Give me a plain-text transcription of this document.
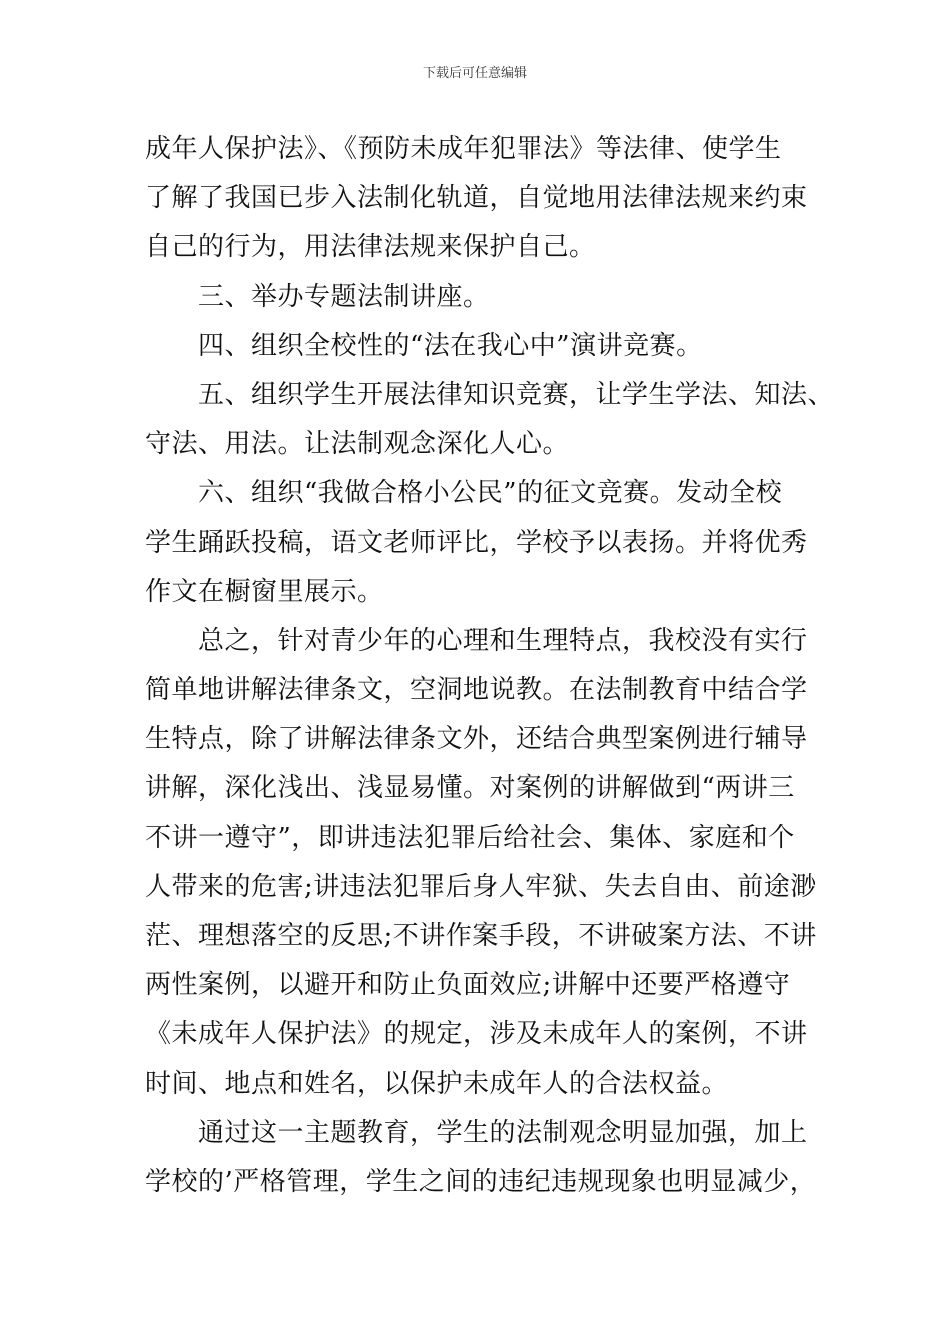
下载后可任意编辑
成年人保护法》、《预防未成年犯罪法》等法律、使学生
了解了我国已步入法制化轨道，自觉地用法律法规来约束
自己的行为，用法律法规来保护自己。
　　三、举办专题法制讲座。
　　四、组织全校性的“法在我心中”演讲竞赛。
　　五、组织学生开展法律知识竞赛，让学生学法、知法、
守法、用法。让法制观念深化人心。
　　六、组织“我做合格小公民”的征文竞赛。发动全校
学生踊跃投稿，语文老师评比，学校予以表扬。并将优秀
作文在橱窗里展示。
　　总之，针对青少年的心理和生理特点，我校没有实行
简单地讲解法律条文，空洞地说教。在法制教育中结合学
生特点，除了讲解法律条文外，还结合典型案例进行辅导
讲解，深化浅出、浅显易懂。对案例的讲解做到“两讲三
不讲一遵守”，即讲违法犯罪后给社会、集体、家庭和个
人带来的危害;讲违法犯罪后身人牢狱、失去自由、前途渺
茫、理想落空的反思;不讲作案手段，不讲破案方法、不讲
两性案例，以避开和防止负面效应;讲解中还要严格遵守
《未成年人保护法》的规定，涉及未成年人的案例，不讲
时间、地点和姓名，以保护未成年人的合法权益。
　　通过这一主题教育，学生的法制观念明显加强，加上
学校的’严格管理，学生之间的违纪违规现象也明显减少，
